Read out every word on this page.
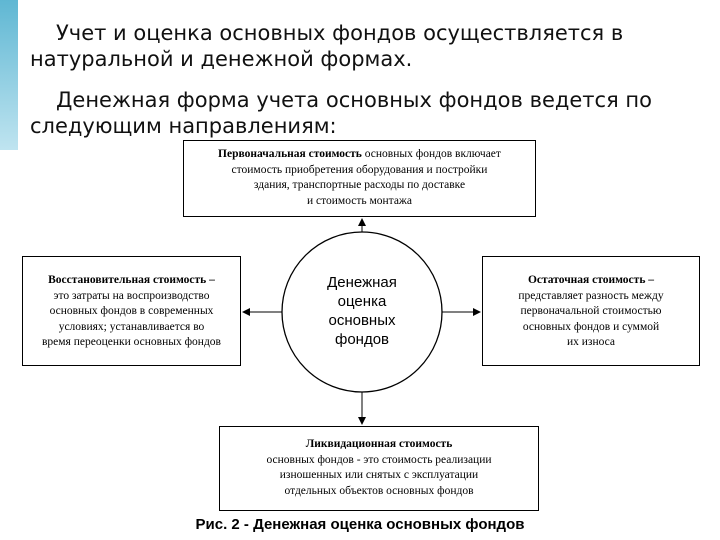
Учет и оценка основных фондов осуществляется в натуральной и денежной формах.

Денежная форма учета основных фондов ведется по следующим направлениям:

Первоначальная стоимость основных фондов включает
стоимость приобретения оборудования и постройки
здания, транспортные расходы по доставке
и стоимость монтажа
Восстановительная стоимость –
это затраты на воспроизводство
основных фондов в современных
условиях; устанавливается во
время переоценки основных фондов
Остаточная стоимость –
представляет разность между
первоначальной стоимостью
основных фондов и суммой
их износа
Ликвидационная стоимость
основных фондов - это стоимость реализации
изношенных или снятых с эксплуатации
отдельных объектов основных фондов
Денежная
оценка
основных
фондов
Рис. 2 - Денежная оценка основных фондов
